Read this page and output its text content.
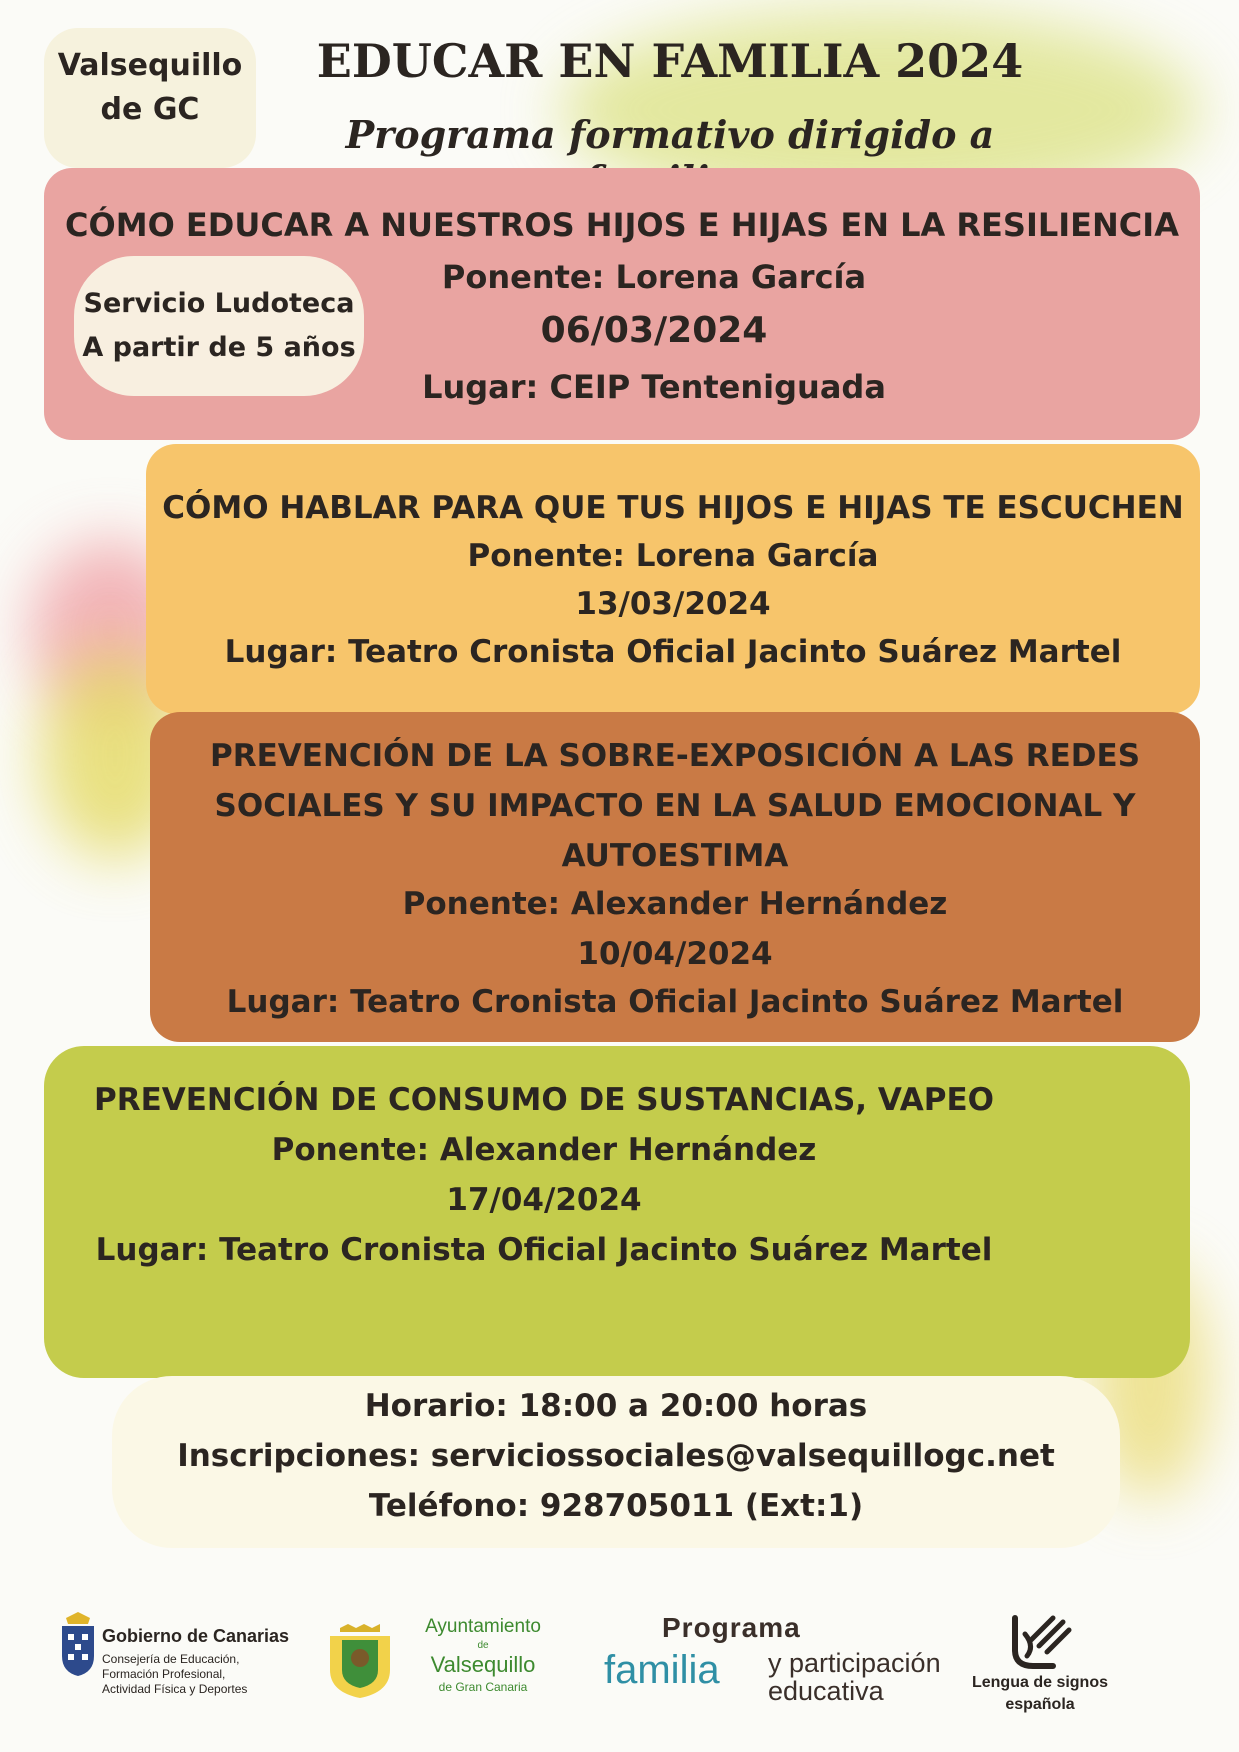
Valsequillo
de GC
EDUCAR EN FAMILIA 2024
Programa formativo dirigido a
CÓMO EDUCAR A NUESTROS HIJOS E HIJAS EN LA RESILIENCIA
Ponente: Lorena García
06/03/2024
Lugar: CEIP Tenteniguada
Servicio Ludoteca
A partir de 5 años
CÓMO HABLAR PARA QUE TUS HIJOS E HIJAS TE ESCUCHEN
Ponente: Lorena García
13/03/2024
Lugar: Teatro Cronista Oficial Jacinto Suárez Martel
PREVENCIÓN DE LA SOBRE-EXPOSICIÓN A LAS REDES
SOCIALES Y SU IMPACTO EN LA SALUD EMOCIONAL Y
AUTOESTIMA
Ponente: Alexander Hernández
10/04/2024
Lugar: Teatro Cronista Oficial Jacinto Suárez Martel
PREVENCIÓN DE CONSUMO DE SUSTANCIAS, VAPEO
Ponente: Alexander Hernández
17/04/2024
Lugar: Teatro Cronista Oficial Jacinto Suárez Martel
Horario: 18:00 a 20:00 horas
Inscripciones: serviciossociales@valsequillogc.net
Teléfono: 928705011 (Ext:1)
Gobierno de Canarias
Consejería de Educación,
Formación Profesional,
Actividad Física y Deportes
Ayuntamiento
de
Valsequillo
de Gran Canaria
Programa
familia y participación
educativa	Lengua de signos
española
